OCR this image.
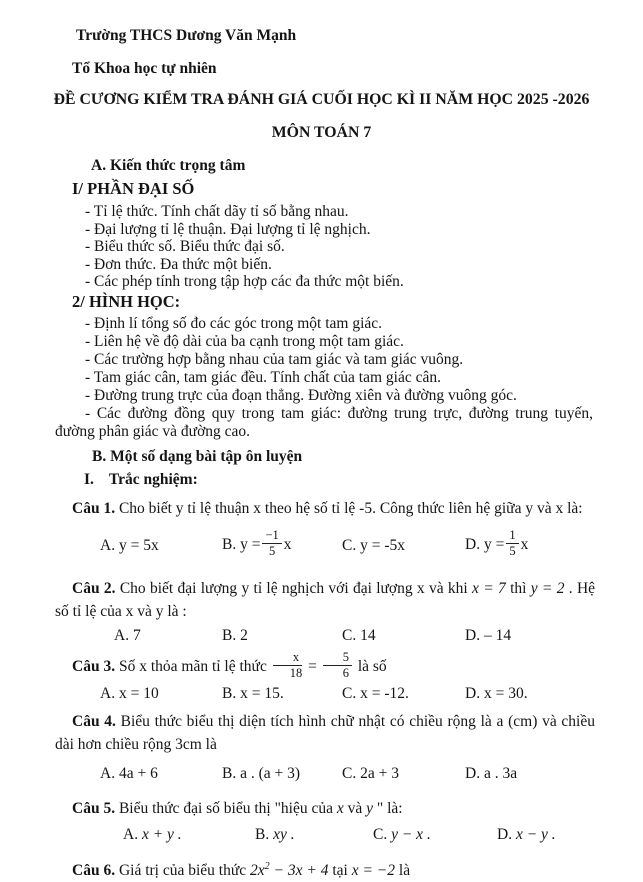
Trường THCS Dương Văn Mạnh

Tổ Khoa học tự nhiên

ĐỀ CƯƠNG KIỂM TRA ĐÁNH GIÁ CUỐI HỌC KÌ II NĂM HỌC 2025 -2026

MÔN TOÁN 7

A. Kiến thức trọng tâm

I/ PHẦN ĐẠI SỐ

- Tỉ lệ thức. Tính chất dãy tỉ số bằng nhau.
- Đại lượng tỉ lệ thuận. Đại lượng tỉ lệ nghịch.
- Biểu thức số. Biểu thức đại số.
- Đơn thức. Đa thức một biến.
- Các phép tính trong tập hợp các đa thức một biến.

2/ HÌNH HỌC:

- Định lí tổng số đo các góc trong một tam giác.
- Liên hệ về độ dài của ba cạnh trong một tam giác.
- Các trường hợp bằng nhau của tam giác và tam giác vuông.
- Tam giác cân, tam giác đều. Tính chất của tam giác cân.
- Đường trung trực của đoạn thẳng. Đường xiên và đường vuông góc.
- Các đường đồng quy trong tam giác: đường trung trực, đường trung tuyến, đường phân giác và đường cao.

B. Một số dạng bài tập ôn luyện

I. Trắc nghiệm:

Câu 1. Cho biết y tỉ lệ thuận x theo hệ số tỉ lệ -5. Công thức liên hệ giữa y và x là:

A. y = 5x	B. $y = \frac{-1}{5}$ x	C. y = -5x	D. $y = \frac{1}{5}$ x

Câu 2. Cho biết đại lượng y tỉ lệ nghịch với đại lượng x và khi x = 7 thì y = 2 . Hệ số tỉ lệ của x và y là :

A. 7	B. 2	C. 14	D. – 14

Câu 3. Số x thỏa mãn tỉ lệ thức $\frac{x}{18} = \frac{5}{6}$ là số

A. x = 10	B. x = 15.	C. x = -12.	D. x = 30.

Câu 4. Biểu thức biểu thị diện tích hình chữ nhật có chiều rộng là a (cm) và chiều dài hơn chiều rộng 3cm là

A. 4a + 6	B. a . (a + 3)	C. 2a + 3	D. a . 3a

Câu 5. Biểu thức đại số biểu thị "hiệu của x và y " là:

A. x + y .	B. xy .	C. y − x .	D. x − y .

Câu 6. Giá trị của biểu thức $2x^2 - 3x + 4$ tại x = −2 là
